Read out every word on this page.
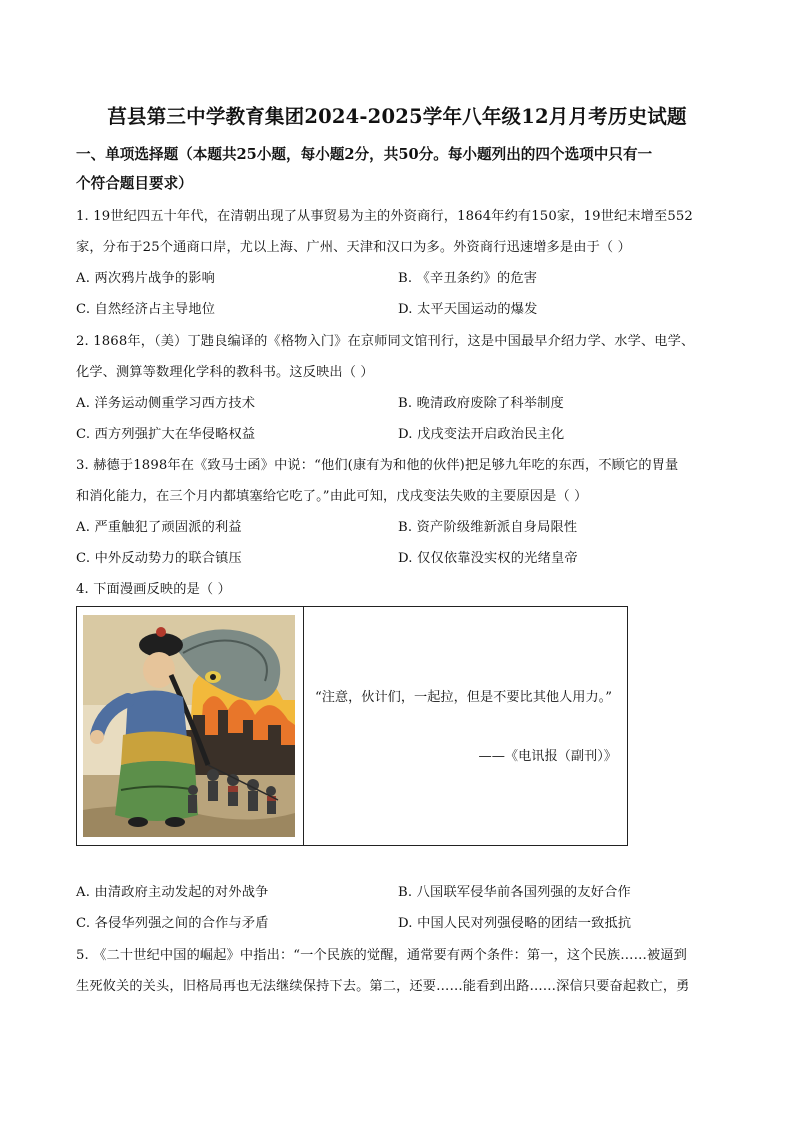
莒县第三中学教育集团2024-2025学年八年级12月月考历史试题
一、单项选择题（本题共25小题，每小题2分，共50分。每小题列出的四个选项中只有一
个符合题目要求）
1. 19世纪四五十年代，在清朝出现了从事贸易为主的外资商行，1864年约有150家，19世纪末增至552
家，分布于25个通商口岸，尤以上海、广州、天津和汉口为多。外资商行迅速增多是由于（ ）
A. 两次鸦片战争的影响	B. 《辛丑条约》的危害
C. 自然经济占主导地位	D. 太平天国运动的爆发
2. 1868年，（美）丁韪良编译的《格物入门》在京师同文馆刊行，这是中国最早介绍力学、水学、电学、
化学、测算等数理化学科的教科书。这反映出（ ）
A. 洋务运动侧重学习西方技术	B. 晚清政府废除了科举制度
C. 西方列强扩大在华侵略权益	D. 戊戌变法开启政治民主化
3. 赫德于1898年在《致马士函》中说：“他们(康有为和他的伙伴)把足够九年吃的东西，不顾它的胃量
和消化能力，在三个月内都填塞给它吃了。”由此可知，戊戌变法失败的主要原因是（ ）
A. 严重触犯了顽固派的利益	B. 资产阶级维新派自身局限性
C. 中外反动势力的联合镇压	D. 仅仅依靠没实权的光绪皇帝
4. 下面漫画反映的是（ ）
“注意，伙计们，一起拉，但是不要比其他人用力。”
——《电讯报（副刊）》
A. 由清政府主动发起的对外战争	B. 八国联军侵华前各国列强的友好合作
C. 各侵华列强之间的合作与矛盾	D. 中国人民对列强侵略的团结一致抵抗
5. 《二十世纪中国的崛起》中指出：“一个民族的觉醒，通常要有两个条件：第一，这个民族……被逼到
生死攸关的关头，旧格局再也无法继续保持下去。第二，还要……能看到出路……深信只要奋起救亡，勇
